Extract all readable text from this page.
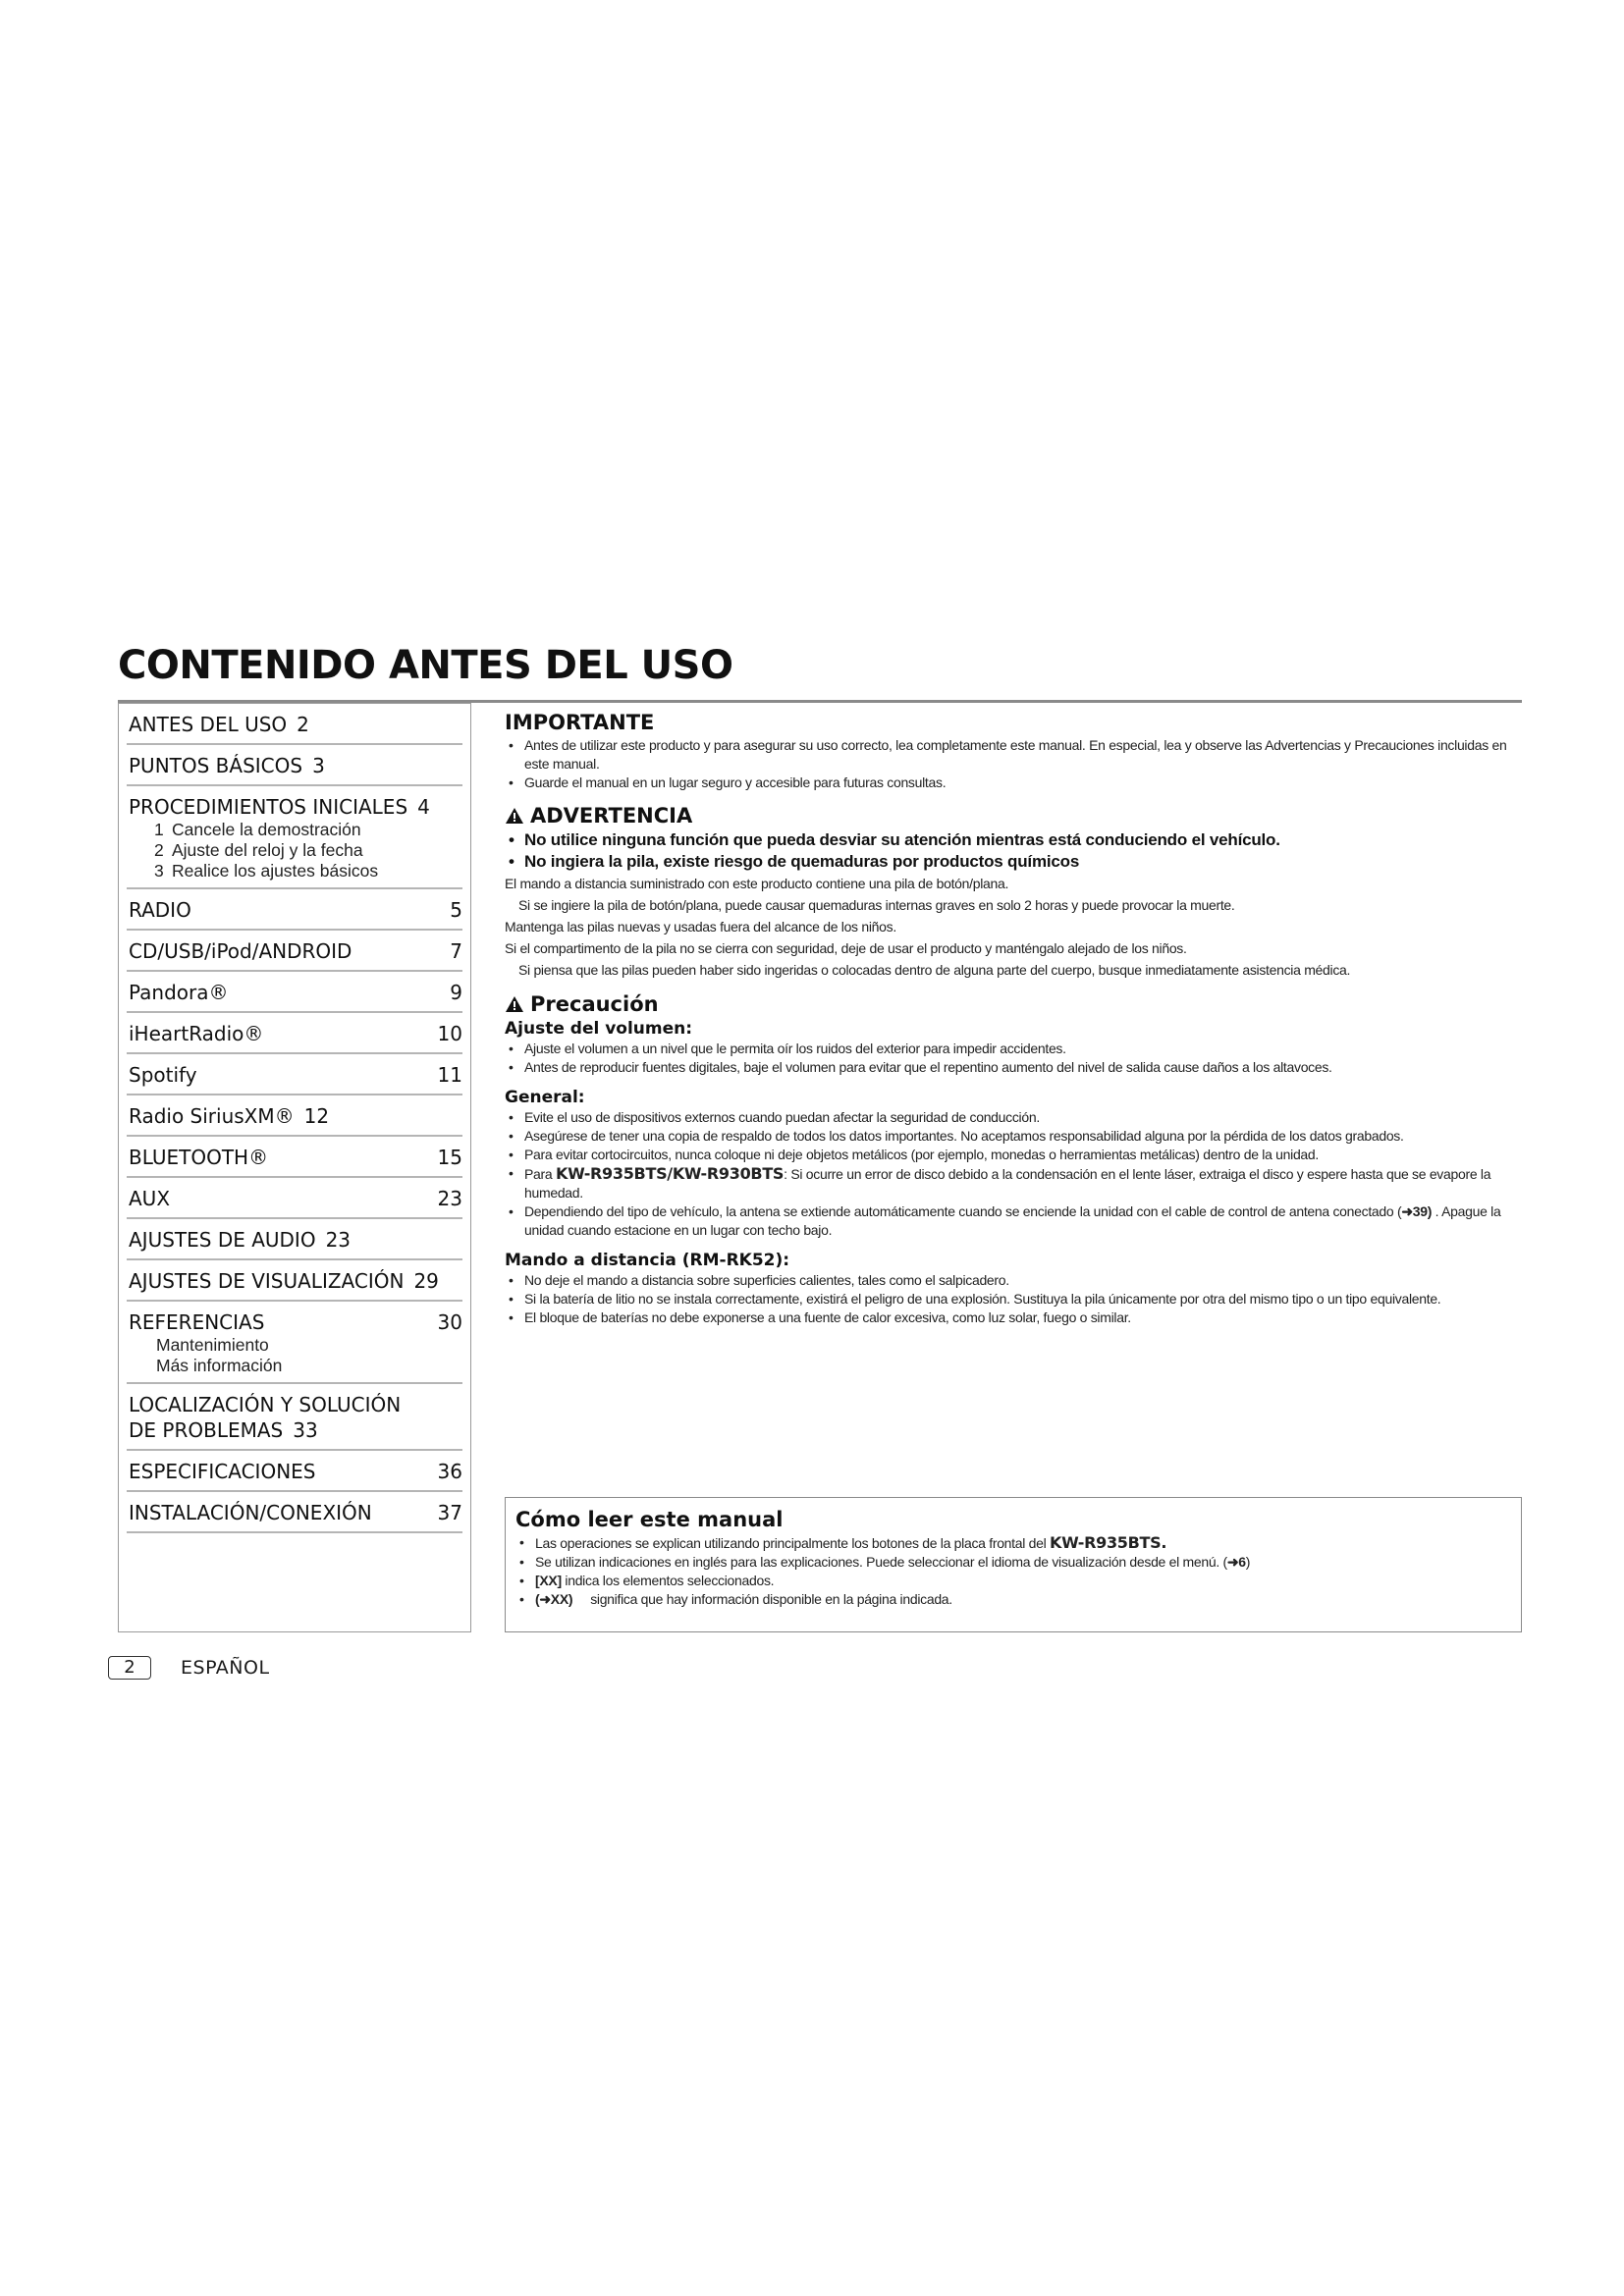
CONTENIDO ANTES DEL USO
ANTES DEL USO 2
PUNTOS BÁSICOS 3
PROCEDIMIENTOS INICIALES 4
1 Cancele la demostración
2 Ajuste del reloj y la fecha
3 Realice los ajustes básicos
RADIO	5
CD/USB/iPod/ANDROID	7
Pandora®	9
iHeartRadio®	10
Spotify	11
Radio SiriusXM® 12
BLUETOOTH®	15
AUX	23
AJUSTES DE AUDIO 23
AJUSTES DE VISUALIZACIÓN 29
REFERENCIAS	30
Mantenimiento
Más información
LOCALIZACIÓN Y SOLUCIÓN
DE PROBLEMAS 33
ESPECIFICACIONES	36
INSTALACIÓN/CONEXIÓN	37
IMPORTANTE
• Antes de utilizar este producto y para asegurar su uso correcto, lea completamente este manual. En especial, lea y observe las Advertencias y Precauciones incluidas en este manual.
• Guarde el manual en un lugar seguro y accesible para futuras consultas.
ADVERTENCIA
• No utilice ninguna función que pueda desviar su atención mientras está conduciendo el vehículo.
• No ingiera la pila, existe riesgo de quemaduras por productos químicos
El mando a distancia suministrado con este producto contiene una pila de botón/plana.
Si se ingiere la pila de botón/plana, puede causar quemaduras internas graves en solo 2 horas y puede provocar la muerte.
Mantenga las pilas nuevas y usadas fuera del alcance de los niños.
Si el compartimento de la pila no se cierra con seguridad, deje de usar el producto y manténgalo alejado de los niños.
Si piensa que las pilas pueden haber sido ingeridas o colocadas dentro de alguna parte del cuerpo, busque inmediatamente asistencia médica.
Precaución
Ajuste del volumen:
• Ajuste el volumen a un nivel que le permita oír los ruidos del exterior para impedir accidentes.
• Antes de reproducir fuentes digitales, baje el volumen para evitar que el repentino aumento del nivel de salida cause daños a los altavoces.
General:
• Evite el uso de dispositivos externos cuando puedan afectar la seguridad de conducción.
• Asegúrese de tener una copia de respaldo de todos los datos importantes. No aceptamos responsabilidad alguna por la pérdida de los datos grabados.
• Para evitar cortocircuitos, nunca coloque ni deje objetos metálicos (por ejemplo, monedas o herramientas metálicas) dentro de la unidad.
• Para KW-R935BTS/KW-R930BTS: Si ocurre un error de disco debido a la condensación en el lente láser, extraiga el disco y espere hasta que se evapore la humedad.
• Dependiendo del tipo de vehículo, la antena se extiende automáticamente cuando se enciende la unidad con el cable de control de antena conectado (➜39) . Apague la unidad cuando estacione en un lugar con techo bajo.
Mando a distancia (RM-RK52):
• No deje el mando a distancia sobre superficies calientes, tales como el salpicadero.
• Si la batería de litio no se instala correctamente, existirá el peligro de una explosión. Sustituya la pila únicamente por otra del mismo tipo o un tipo equivalente.
• El bloque de baterías no debe exponerse a una fuente de calor excesiva, como luz solar, fuego o similar.
Cómo leer este manual
• Las operaciones se explican utilizando principalmente los botones de la placa frontal del KW-R935BTS.
• Se utilizan indicaciones en inglés para las explicaciones. Puede seleccionar el idioma de visualización desde el menú. (➜6)
• [XX] indica los elementos seleccionados.
• (➜XX) significa que hay información disponible en la página indicada.
2	ESPAÑOL
